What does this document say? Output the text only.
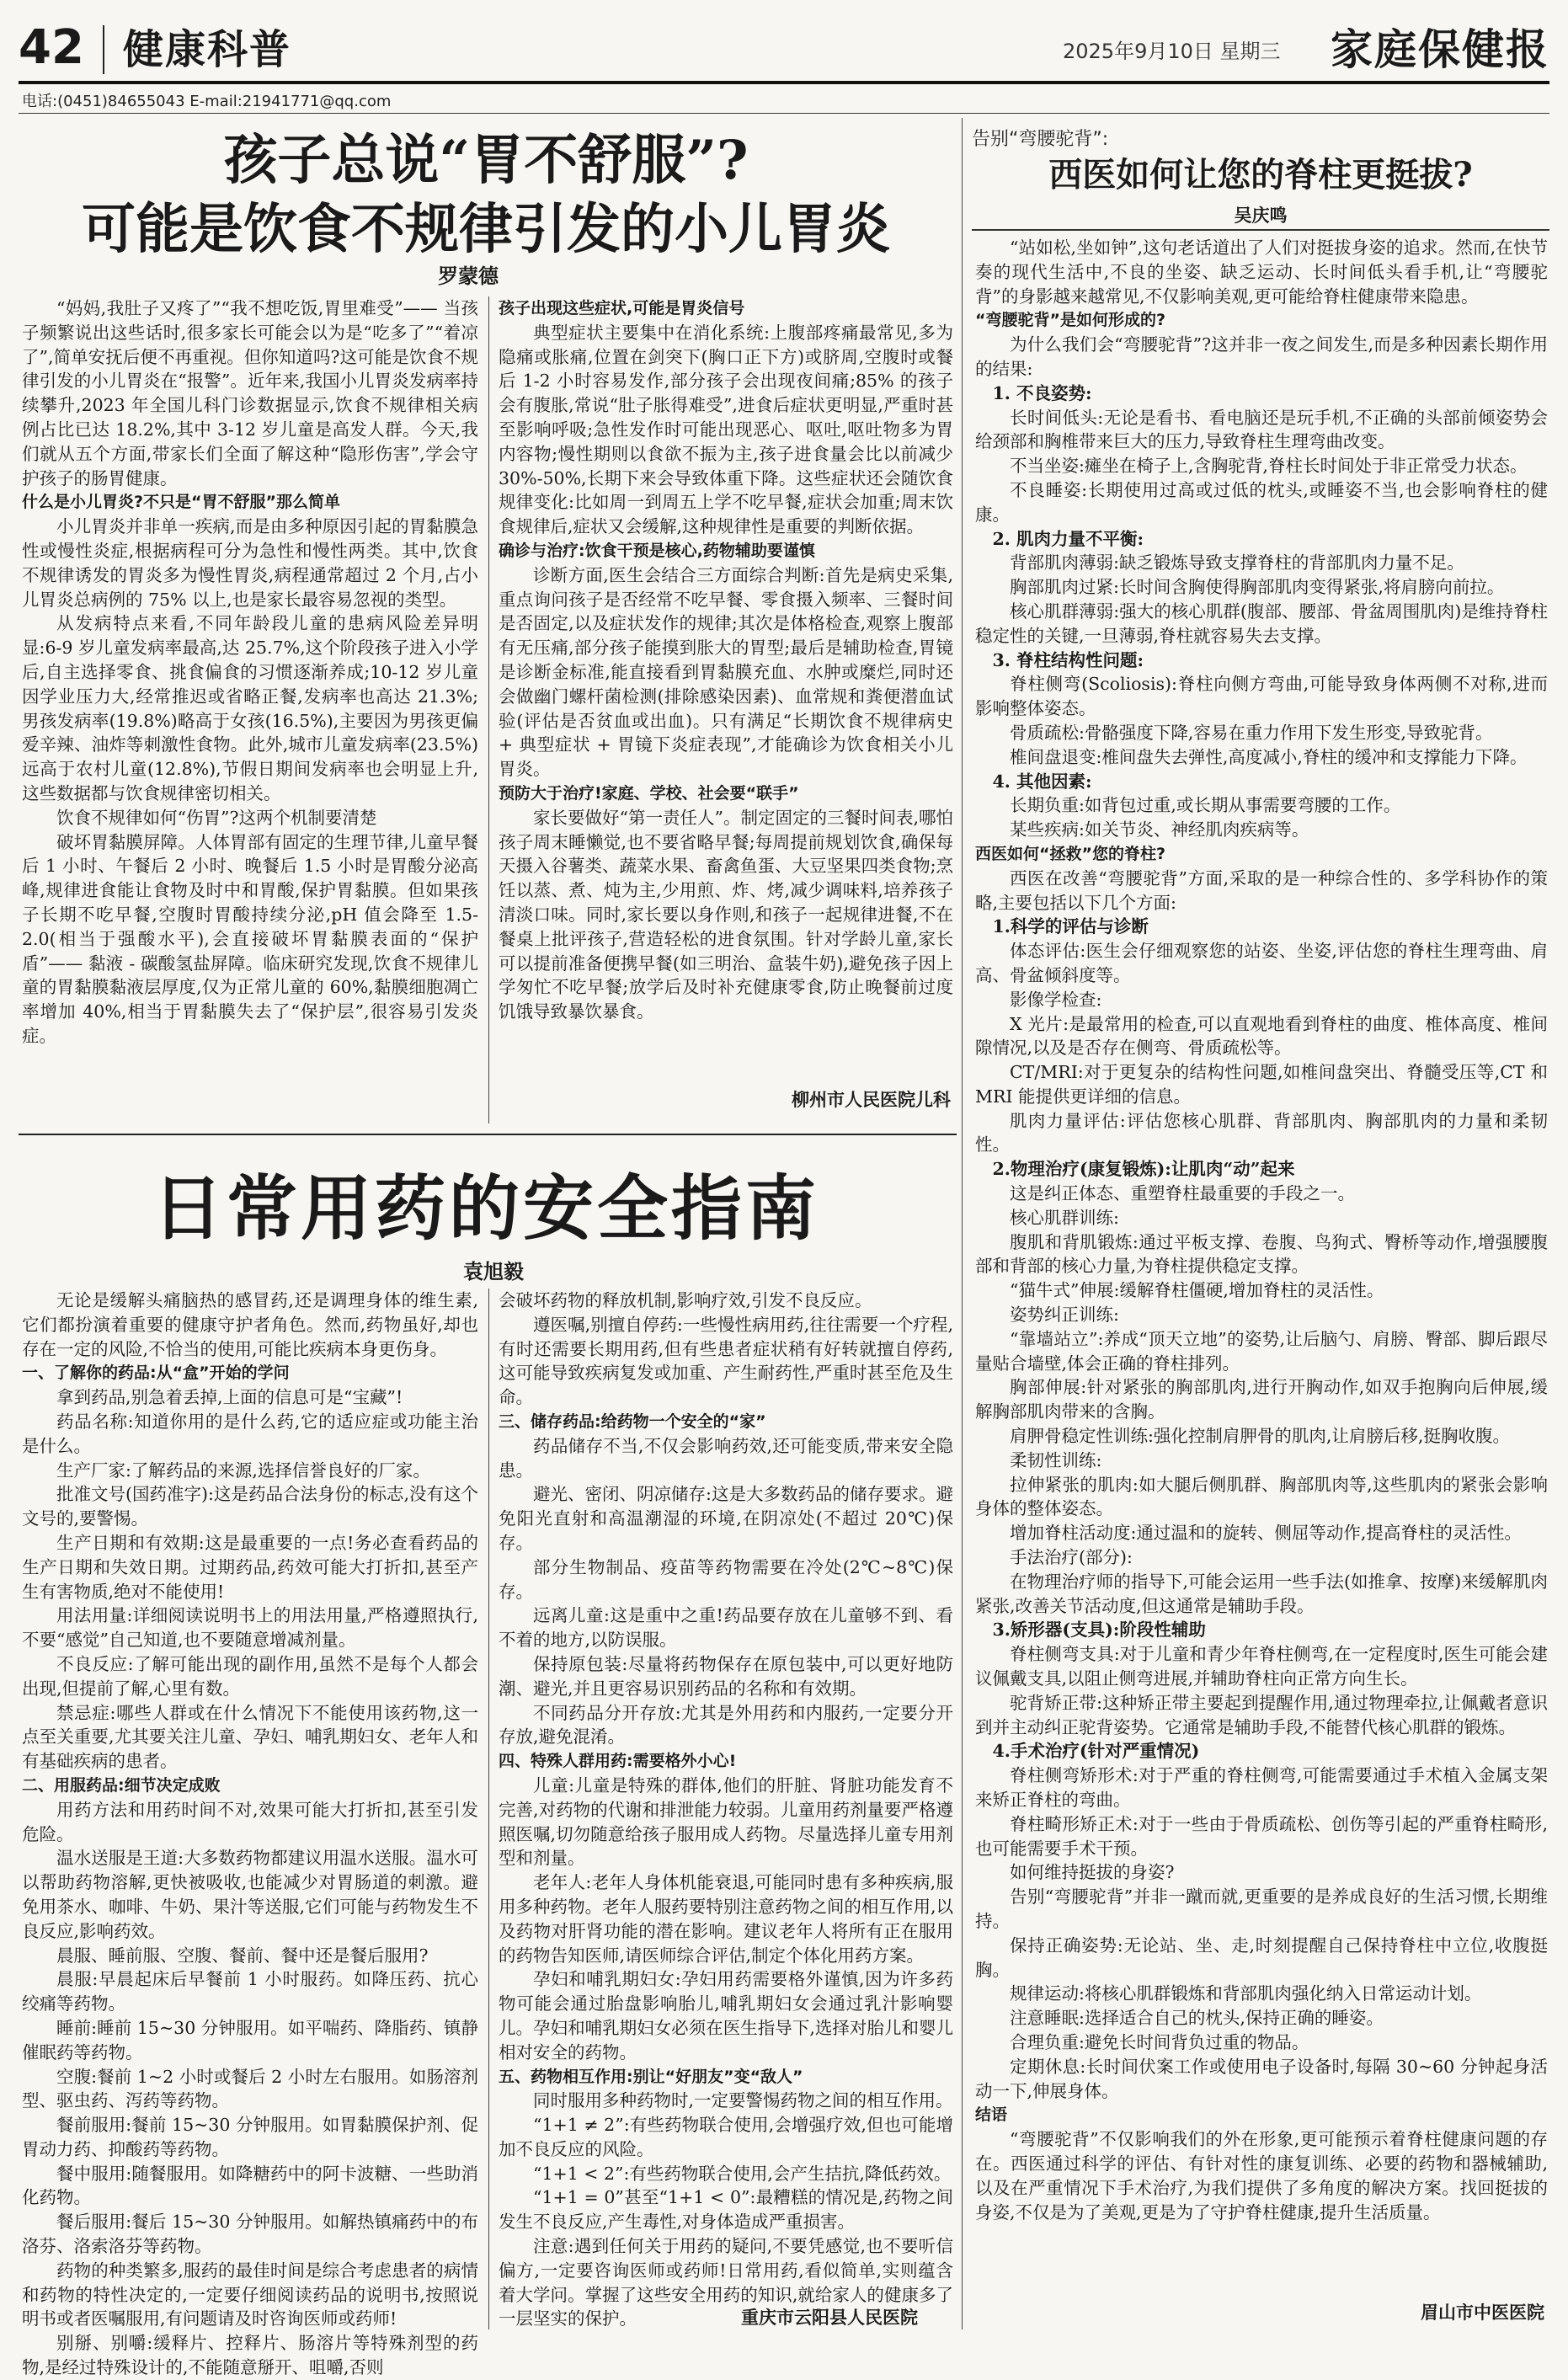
42 健康科普	2025年9月10日 星期三 家庭保健报
电话:(0451)84655043 E-mail:21941771@qq.com
孩子总说“胃不舒服”?
可能是饮食不规律引发的小儿胃炎
罗蒙德

“妈妈,我肚子又疼了”“我不想吃饭,胃里难受”—— 当孩子频繁说出这些话时,很多家长可能会以为是“吃多了”“着凉了”,简单安抚后便不再重视。但你知道吗?这可能是饮食不规律引发的小儿胃炎在“报警”。近年来,我国小儿胃炎发病率持续攀升,2023 年全国儿科门诊数据显示,饮食不规律相关病例占比已达 18.2%,其中 3-12 岁儿童是高发人群。今天,我们就从五个方面,带家长们全面了解这种“隐形伤害”,学会守护孩子的肠胃健康。

什么是小儿胃炎?不只是“胃不舒服”那么简单

小儿胃炎并非单一疾病,而是由多种原因引起的胃黏膜急性或慢性炎症,根据病程可分为急性和慢性两类。其中,饮食不规律诱发的胃炎多为慢性胃炎,病程通常超过 2 个月,占小儿胃炎总病例的 75% 以上,也是家长最容易忽视的类型。

从发病特点来看,不同年龄段儿童的患病风险差异明显:6-9 岁儿童发病率最高,达 25.7%,这个阶段孩子进入小学后,自主选择零食、挑食偏食的习惯逐渐养成;10-12 岁儿童因学业压力大,经常推迟或省略正餐,发病率也高达 21.3%;男孩发病率(19.8%)略高于女孩(16.5%),主要因为男孩更偏爱辛辣、油炸等刺激性食物。此外,城市儿童发病率(23.5%)远高于农村儿童(12.8%),节假日期间发病率也会明显上升,这些数据都与饮食规律密切相关。

饮食不规律如何“伤胃”?这两个机制要清楚

破坏胃黏膜屏障。人体胃部有固定的生理节律,儿童早餐后 1 小时、午餐后 2 小时、晚餐后 1.5 小时是胃酸分泌高峰,规律进食能让食物及时中和胃酸,保护胃黏膜。但如果孩子长期不吃早餐,空腹时胃酸持续分泌,pH 值会降至 1.5-2.0(相当于强酸水平),会直接破坏胃黏膜表面的“保护盾”—— 黏液 - 碳酸氢盐屏障。临床研究发现,饮食不规律儿童的胃黏膜黏液层厚度,仅为正常儿童的 60%,黏膜细胞凋亡率增加 40%,相当于胃黏膜失去了“保护层”,很容易引发炎症。

孩子出现这些症状,可能是胃炎信号

典型症状主要集中在消化系统:上腹部疼痛最常见,多为隐痛或胀痛,位置在剑突下(胸口正下方)或脐周,空腹时或餐后 1-2 小时容易发作,部分孩子会出现夜间痛;85% 的孩子会有腹胀,常说“肚子胀得难受”,进食后症状更明显,严重时甚至影响呼吸;急性发作时可能出现恶心、呕吐,呕吐物多为胃内容物;慢性期则以食欲不振为主,孩子进食量会比以前减少 30%-50%,长期下来会导致体重下降。这些症状还会随饮食规律变化:比如周一到周五上学不吃早餐,症状会加重;周末饮食规律后,症状又会缓解,这种规律性是重要的判断依据。

确诊与治疗:饮食干预是核心,药物辅助要谨慎

诊断方面,医生会结合三方面综合判断:首先是病史采集,重点询问孩子是否经常不吃早餐、零食摄入频率、三餐时间是否固定,以及症状发作的规律;其次是体格检查,观察上腹部有无压痛,部分孩子能摸到胀大的胃型;最后是辅助检查,胃镜是诊断金标准,能直接看到胃黏膜充血、水肿或糜烂,同时还会做幽门螺杆菌检测(排除感染因素)、血常规和粪便潜血试验(评估是否贫血或出血)。只有满足“长期饮食不规律病史 + 典型症状 + 胃镜下炎症表现”,才能确诊为饮食相关小儿胃炎。

预防大于治疗!家庭、学校、社会要“联手”

家长要做好“第一责任人”。制定固定的三餐时间表,哪怕孩子周末睡懒觉,也不要省略早餐;每周提前规划饮食,确保每天摄入谷薯类、蔬菜水果、畜禽鱼蛋、大豆坚果四类食物;烹饪以蒸、煮、炖为主,少用煎、炸、烤,减少调味料,培养孩子清淡口味。同时,家长要以身作则,和孩子一起规律进餐,不在餐桌上批评孩子,营造轻松的进食氛围。针对学龄儿童,家长可以提前准备便携早餐(如三明治、盒装牛奶),避免孩子因上学匆忙不吃早餐;放学后及时补充健康零食,防止晚餐前过度饥饿导致暴饮暴食。

柳州市人民医院儿科
日常用药的安全指南
袁旭毅

无论是缓解头痛脑热的感冒药,还是调理身体的维生素,它们都扮演着重要的健康守护者角色。然而,药物虽好,却也存在一定的风险,不恰当的使用,可能比疾病本身更伤身。

一、了解你的药品:从“盒”开始的学问

拿到药品,别急着丢掉,上面的信息可是“宝藏”!

药品名称:知道你用的是什么药,它的适应症或功能主治是什么。

生产厂家:了解药品的来源,选择信誉良好的厂家。

批准文号(国药准字):这是药品合法身份的标志,没有这个文号的,要警惕。

生产日期和有效期:这是最重要的一点!务必查看药品的生产日期和失效日期。过期药品,药效可能大打折扣,甚至产生有害物质,绝对不能使用!

用法用量:详细阅读说明书上的用法用量,严格遵照执行,不要“感觉”自己知道,也不要随意增减剂量。

不良反应:了解可能出现的副作用,虽然不是每个人都会出现,但提前了解,心里有数。

禁忌症:哪些人群或在什么情况下不能使用该药物,这一点至关重要,尤其要关注儿童、孕妇、哺乳期妇女、老年人和有基础疾病的患者。

二、用服药品:细节决定成败

用药方法和用药时间不对,效果可能大打折扣,甚至引发危险。

温水送服是王道:大多数药物都建议用温水送服。温水可以帮助药物溶解,更快被吸收,也能减少对胃肠道的刺激。避免用茶水、咖啡、牛奶、果汁等送服,它们可能与药物发生不良反应,影响药效。

晨服、睡前服、空腹、餐前、餐中还是餐后服用?

晨服:早晨起床后早餐前 1 小时服药。如降压药、抗心绞痛等药物。

睡前:睡前 15~30 分钟服用。如平喘药、降脂药、镇静催眠药等药物。

空腹:餐前 1~2 小时或餐后 2 小时左右服用。如肠溶剂型、驱虫药、泻药等药物。

餐前服用:餐前 15~30 分钟服用。如胃黏膜保护剂、促胃动力药、抑酸药等药物。

餐中服用:随餐服用。如降糖药中的阿卡波糖、一些助消化药物。

餐后服用:餐后 15~30 分钟服用。如解热镇痛药中的布洛芬、洛索洛芬等药物。

药物的种类繁多,服药的最佳时间是综合考虑患者的病情和药物的特性决定的,一定要仔细阅读药品的说明书,按照说明书或者医嘱服用,有问题请及时咨询医师或药师!

别掰、别嚼:缓释片、控释片、肠溶片等特殊剂型的药物,是经过特殊设计的,不能随意掰开、咀嚼,否则

会破坏药物的释放机制,影响疗效,引发不良反应。

遵医嘱,别擅自停药:一些慢性病用药,往往需要一个疗程,有时还需要长期用药,但有些患者症状稍有好转就擅自停药,这可能导致疾病复发或加重、产生耐药性,严重时甚至危及生命。

三、储存药品:给药物一个安全的“家”

药品储存不当,不仅会影响药效,还可能变质,带来安全隐患。

避光、密闭、阴凉储存:这是大多数药品的储存要求。避免阳光直射和高温潮湿的环境,在阴凉处(不超过 20℃)保存。

部分生物制品、疫苗等药物需要在冷处(2℃~8℃)保存。

远离儿童:这是重中之重!药品要存放在儿童够不到、看不着的地方,以防误服。

保持原包装:尽量将药物保存在原包装中,可以更好地防潮、避光,并且更容易识别药品的名称和有效期。

不同药品分开存放:尤其是外用药和内服药,一定要分开存放,避免混淆。

四、特殊人群用药:需要格外小心!

儿童:儿童是特殊的群体,他们的肝脏、肾脏功能发育不完善,对药物的代谢和排泄能力较弱。儿童用药剂量要严格遵照医嘱,切勿随意给孩子服用成人药物。尽量选择儿童专用剂型和剂量。

老年人:老年人身体机能衰退,可能同时患有多种疾病,服用多种药物。老年人服药要特别注意药物之间的相互作用,以及药物对肝肾功能的潜在影响。建议老年人将所有正在服用的药物告知医师,请医师综合评估,制定个体化用药方案。

孕妇和哺乳期妇女:孕妇用药需要格外谨慎,因为许多药物可能会通过胎盘影响胎儿,哺乳期妇女会通过乳汁影响婴儿。孕妇和哺乳期妇女必须在医生指导下,选择对胎儿和婴儿相对安全的药物。

五、药物相互作用:别让“好朋友”变“敌人”

同时服用多种药物时,一定要警惕药物之间的相互作用。

“1+1 ≠ 2”:有些药物联合使用,会增强疗效,但也可能增加不良反应的风险。

“1+1 < 2”:有些药物联合使用,会产生拮抗,降低药效。

“1+1 = 0”甚至“1+1 < 0”:最糟糕的情况是,药物之间发生不良反应,产生毒性,对身体造成严重损害。

注意:遇到任何关于用药的疑问,不要凭感觉,也不要听信偏方,一定要咨询医师或药师!日常用药,看似简单,实则蕴含着大学问。掌握了这些安全用药的知识,就给家人的健康多了一层坚实的保护。	重庆市云阳县人民医院
告别“弯腰驼背”:
西医如何让您的脊柱更挺拔?
吴庆鸣

“站如松,坐如钟”,这句老话道出了人们对挺拔身姿的追求。然而,在快节奏的现代生活中,不良的坐姿、缺乏运动、长时间低头看手机,让“弯腰驼背”的身影越来越常见,不仅影响美观,更可能给脊柱健康带来隐患。

“弯腰驼背”是如何形成的?

为什么我们会“弯腰驼背”?这并非一夜之间发生,而是多种因素长期作用的结果:

1. 不良姿势:

长时间低头:无论是看书、看电脑还是玩手机,不正确的头部前倾姿势会给颈部和胸椎带来巨大的压力,导致脊柱生理弯曲改变。

不当坐姿:瘫坐在椅子上,含胸驼背,脊柱长时间处于非正常受力状态。

不良睡姿:长期使用过高或过低的枕头,或睡姿不当,也会影响脊柱的健康。

2. 肌肉力量不平衡:

背部肌肉薄弱:缺乏锻炼导致支撑脊柱的背部肌肉力量不足。

胸部肌肉过紧:长时间含胸使得胸部肌肉变得紧张,将肩膀向前拉。

核心肌群薄弱:强大的核心肌群(腹部、腰部、骨盆周围肌肉)是维持脊柱稳定性的关键,一旦薄弱,脊柱就容易失去支撑。

3. 脊柱结构性问题:

脊柱侧弯(Scoliosis):脊柱向侧方弯曲,可能导致身体两侧不对称,进而影响整体姿态。

骨质疏松:骨骼强度下降,容易在重力作用下发生形变,导致驼背。

椎间盘退变:椎间盘失去弹性,高度减小,脊柱的缓冲和支撑能力下降。

4. 其他因素:

长期负重:如背包过重,或长期从事需要弯腰的工作。

某些疾病:如关节炎、神经肌肉疾病等。

西医如何“拯救”您的脊柱?

西医在改善“弯腰驼背”方面,采取的是一种综合性的、多学科协作的策略,主要包括以下几个方面:

1.科学的评估与诊断

体态评估:医生会仔细观察您的站姿、坐姿,评估您的脊柱生理弯曲、肩高、骨盆倾斜度等。

影像学检查:

X 光片:是最常用的检查,可以直观地看到脊柱的曲度、椎体高度、椎间隙情况,以及是否存在侧弯、骨质疏松等。

CT/MRI:对于更复杂的结构性问题,如椎间盘突出、脊髓受压等,CT 和 MRI 能提供更详细的信息。

肌肉力量评估:评估您核心肌群、背部肌肉、胸部肌肉的力量和柔韧性。

2.物理治疗(康复锻炼):让肌肉“动”起来

这是纠正体态、重塑脊柱最重要的手段之一。

核心肌群训练:

腹肌和背肌锻炼:通过平板支撑、卷腹、鸟狗式、臀桥等动作,增强腰腹部和背部的核心力量,为脊柱提供稳定支撑。

“猫牛式”伸展:缓解脊柱僵硬,增加脊柱的灵活性。

姿势纠正训练:

“靠墙站立”:养成“顶天立地”的姿势,让后脑勺、肩膀、臀部、脚后跟尽量贴合墙壁,体会正确的脊柱排列。

胸部伸展:针对紧张的胸部肌肉,进行开胸动作,如双手抱胸向后伸展,缓解胸部肌肉带来的含胸。

肩胛骨稳定性训练:强化控制肩胛骨的肌肉,让肩膀后移,挺胸收腹。

柔韧性训练:

拉伸紧张的肌肉:如大腿后侧肌群、胸部肌肉等,这些肌肉的紧张会影响身体的整体姿态。

增加脊柱活动度:通过温和的旋转、侧屈等动作,提高脊柱的灵活性。

手法治疗(部分):

在物理治疗师的指导下,可能会运用一些手法(如推拿、按摩)来缓解肌肉紧张,改善关节活动度,但这通常是辅助手段。

3.矫形器(支具):阶段性辅助

脊柱侧弯支具:对于儿童和青少年脊柱侧弯,在一定程度时,医生可能会建议佩戴支具,以阻止侧弯进展,并辅助脊柱向正常方向生长。

驼背矫正带:这种矫正带主要起到提醒作用,通过物理牵拉,让佩戴者意识到并主动纠正驼背姿势。它通常是辅助手段,不能替代核心肌群的锻炼。

4.手术治疗(针对严重情况)

脊柱侧弯矫形术:对于严重的脊柱侧弯,可能需要通过手术植入金属支架来矫正脊柱的弯曲。

脊柱畸形矫正术:对于一些由于骨质疏松、创伤等引起的严重脊柱畸形,也可能需要手术干预。

如何维持挺拔的身姿?

告别“弯腰驼背”并非一蹴而就,更重要的是养成良好的生活习惯,长期维持。

保持正确姿势:无论站、坐、走,时刻提醒自己保持脊柱中立位,收腹挺胸。

规律运动:将核心肌群锻炼和背部肌肉强化纳入日常运动计划。

注意睡眠:选择适合自己的枕头,保持正确的睡姿。

合理负重:避免长时间背负过重的物品。

定期休息:长时间伏案工作或使用电子设备时,每隔 30~60 分钟起身活动一下,伸展身体。

结语

“弯腰驼背”不仅影响我们的外在形象,更可能预示着脊柱健康问题的存在。西医通过科学的评估、有针对性的康复训练、必要的药物和器械辅助,以及在严重情况下手术治疗,为我们提供了多角度的解决方案。找回挺拔的身姿,不仅是为了美观,更是为了守护脊柱健康,提升生活质量。

眉山市中医医院
